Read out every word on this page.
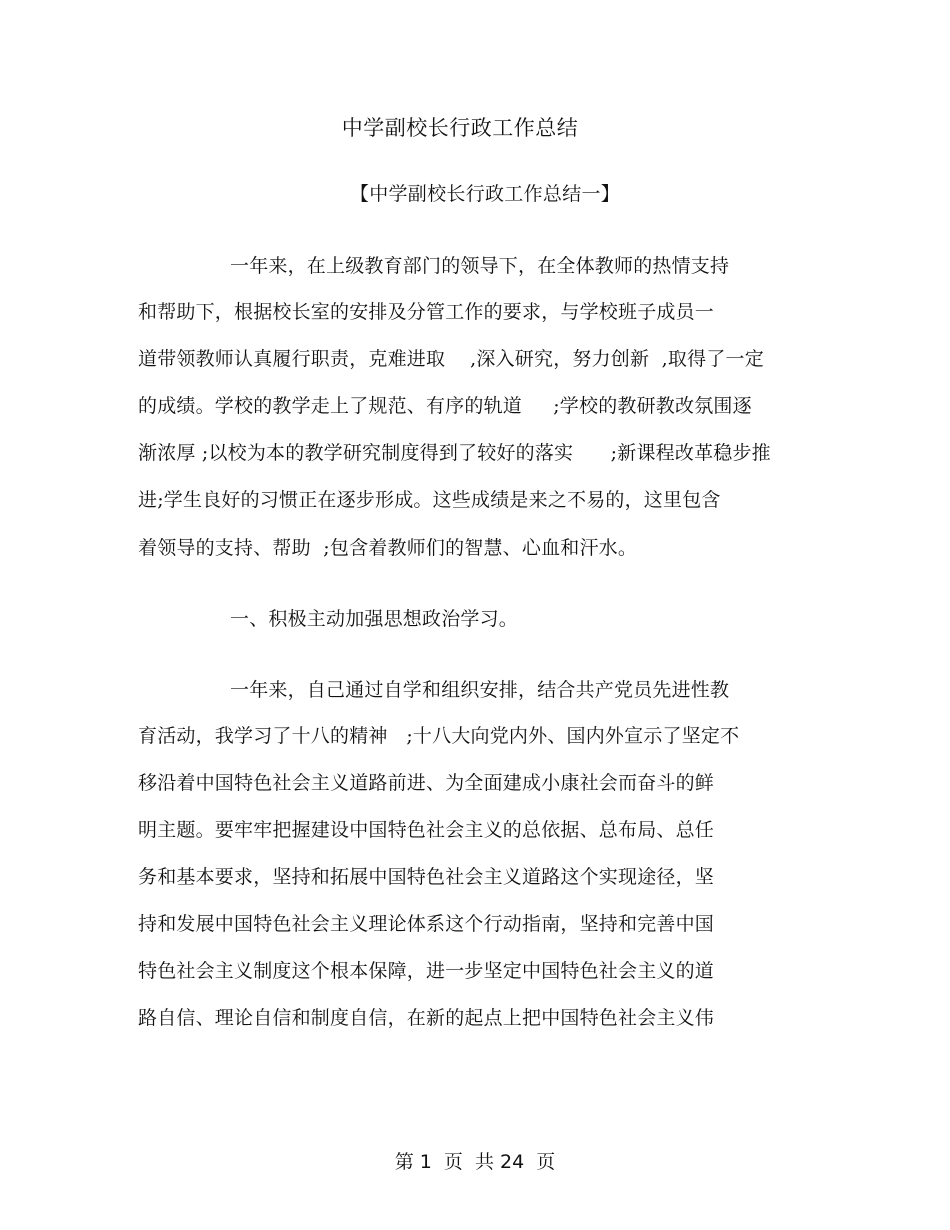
中学副校长行政工作总结
【中学副校长行政工作总结一】
一年来，在上级教育部门的领导下，在全体教师的热情支持
和帮助下，根据校长室的安排及分管工作的要求，与学校班子成员一
道带领教师认真履行职责，克难进取    ,深入研究，努力创新  ,取得了一定
的成绩。学校的教学走上了规范、有序的轨道     ;学校的教研教改氛围逐
渐浓厚 ;以校为本的教学研究制度得到了较好的落实      ;新课程改革稳步推
进;学生良好的习惯正在逐步形成。这些成绩是来之不易的，这里包含
着领导的支持、帮助  ;包含着教师们的智慧、心血和汗水。
一、积极主动加强思想政治学习。
一年来，自己通过自学和组织安排，结合共产党员先进性教
育活动，我学习了十八的精神   ;十八大向党内外、国内外宣示了坚定不
移沿着中国特色社会主义道路前进、为全面建成小康社会而奋斗的鲜
明主题。要牢牢把握建设中国特色社会主义的总依据、总布局、总任
务和基本要求，坚持和拓展中国特色社会主义道路这个实现途径，坚
持和发展中国特色社会主义理论体系这个行动指南，坚持和完善中国
特色社会主义制度这个根本保障，进一步坚定中国特色社会主义的道
路自信、理论自信和制度自信，在新的起点上把中国特色社会主义伟
第 1  页  共 24  页
